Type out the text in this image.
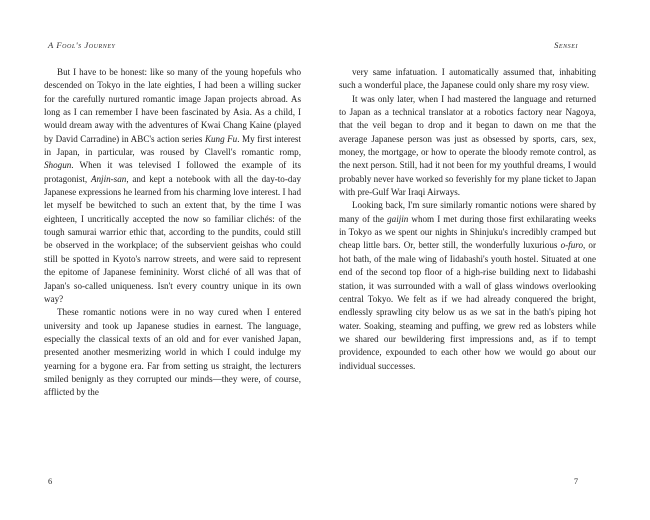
A Fool's Journey	Sensei

But I have to be honest: like so many of the young hopefuls who descended on Tokyo in the late eighties, I had been a willing sucker for the carefully nurtured romantic image Japan projects abroad. As long as I can remember I have been fascinated by Asia. As a child, I would dream away with the adventures of Kwai Chang Kaine (played by David Carradine) in ABC's action series Kung Fu. My first interest in Japan, in particular, was roused by Clavell's romantic romp, Shogun. When it was televised I followed the example of its protagonist, Anjin-san, and kept a notebook with all the day-to-day Japanese expressions he learned from his charming love interest. I had let myself be bewitched to such an extent that, by the time I was eighteen, I uncritically accepted the now so familiar clichés: of the tough samurai warrior ethic that, according to the pundits, could still be observed in the workplace; of the subservient geishas who could still be spotted in Kyoto's narrow streets, and were said to represent the epitome of Japanese femininity. Worst cliché of all was that of Japan's so-called uniqueness. Isn't every country unique in its own way?

These romantic notions were in no way cured when I entered university and took up Japanese studies in earnest. The language, especially the classical texts of an old and for ever vanished Japan, presented another mesmerizing world in which I could indulge my yearning for a bygone era. Far from setting us straight, the lecturers smiled benignly as they corrupted our minds—they were, of course, afflicted by the

very same infatuation. I automatically assumed that, inhabiting such a wonderful place, the Japanese could only share my rosy view.

It was only later, when I had mastered the language and returned to Japan as a technical translator at a robotics factory near Nagoya, that the veil began to drop and it began to dawn on me that the average Japanese person was just as obsessed by sports, cars, sex, money, the mortgage, or how to operate the bloody remote control, as the next person. Still, had it not been for my youthful dreams, I would probably never have worked so feverishly for my plane ticket to Japan with pre-Gulf War Iraqi Airways.

Looking back, I'm sure similarly romantic notions were shared by many of the gaijin whom I met during those first exhilarating weeks in Tokyo as we spent our nights in Shinjuku's incredibly cramped but cheap little bars. Or, better still, the wonderfully luxurious o-furo, or hot bath, of the male wing of Iidabashi's youth hostel. Situated at one end of the second top floor of a high-rise building next to Iidabashi station, it was surrounded with a wall of glass windows overlooking central Tokyo. We felt as if we had already conquered the bright, endlessly sprawling city below us as we sat in the bath's piping hot water. Soaking, steaming and puffing, we grew red as lobsters while we shared our bewildering first impressions and, as if to tempt providence, expounded to each other how we would go about our individual successes.

6	7
